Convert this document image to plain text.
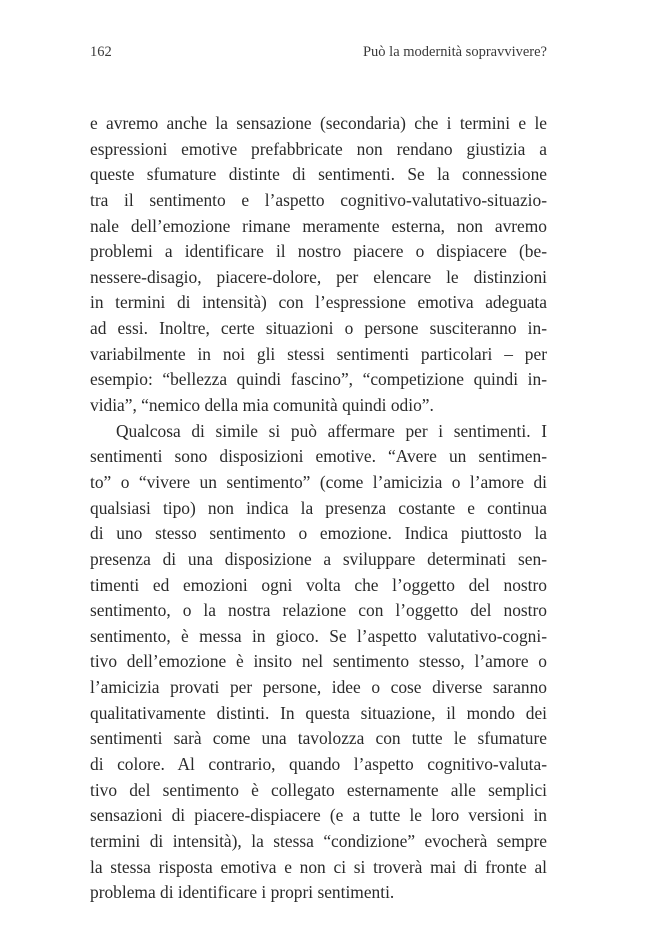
162	Può la modernità sopravvivere?
e avremo anche la sensazione (secondaria) che i termini e le
espressioni emotive prefabbricate non rendano giustizia a
queste sfumature distinte di sentimenti. Se la connessione
tra il sentimento e l’aspetto cognitivo-valutativo-situazio-
nale dell’emozione rimane meramente esterna, non avremo
problemi a identificare il nostro piacere o dispiacere (be-
nessere-disagio, piacere-dolore, per elencare le distinzioni
in termini di intensità) con l’espressione emotiva adeguata
ad essi. Inoltre, certe situazioni o persone susciteranno in-
variabilmente in noi gli stessi sentimenti particolari – per
esempio: “bellezza quindi fascino”, “competizione quindi in-
vidia”, “nemico della mia comunità quindi odio”.
Qualcosa di simile si può affermare per i sentimenti. I
sentimenti sono disposizioni emotive. “Avere un sentimen-
to” o “vivere un sentimento” (come l’amicizia o l’amore di
qualsiasi tipo) non indica la presenza costante e continua
di uno stesso sentimento o emozione. Indica piuttosto la
presenza di una disposizione a sviluppare determinati sen-
timenti ed emozioni ogni volta che l’oggetto del nostro
sentimento, o la nostra relazione con l’oggetto del nostro
sentimento, è messa in gioco. Se l’aspetto valutativo-cogni-
tivo dell’emozione è insito nel sentimento stesso, l’amore o
l’amicizia provati per persone, idee o cose diverse saranno
qualitativamente distinti. In questa situazione, il mondo dei
sentimenti sarà come una tavolozza con tutte le sfumature
di colore. Al contrario, quando l’aspetto cognitivo-valuta-
tivo del sentimento è collegato esternamente alle semplici
sensazioni di piacere-dispiacere (e a tutte le loro versioni in
termini di intensità), la stessa “condizione” evocherà sempre
la stessa risposta emotiva e non ci si troverà mai di fronte al
problema di identificare i propri sentimenti.
